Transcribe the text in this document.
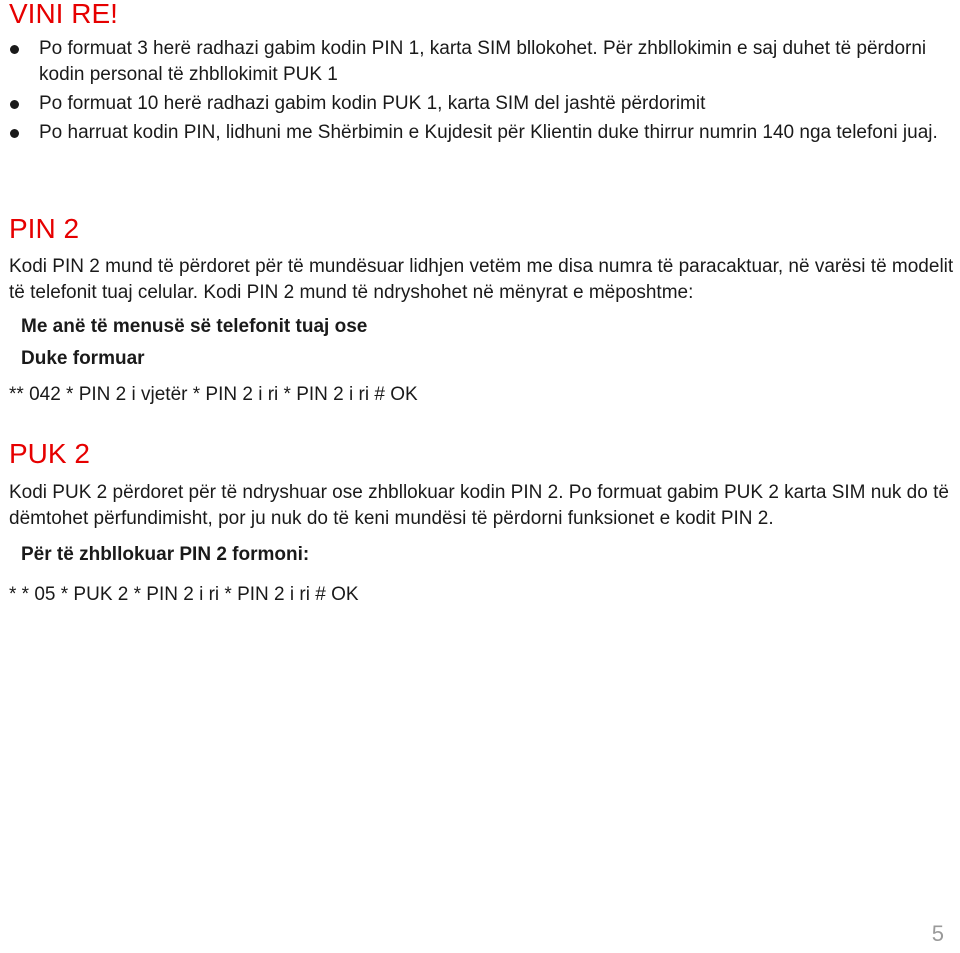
VINI RE!
Po formuat 3 herë radhazi gabim kodin PIN 1, karta SIM bllokohet. Për zhbllokimin e saj duhet të përdorni kodin personal të zhbllokimit PUK 1
Po formuat 10 herë radhazi gabim kodin PUK 1, karta SIM del jashtë përdorimit
Po harruat kodin PIN, lidhuni me Shërbimin e Kujdesit për Klientin duke thirrur numrin 140 nga telefoni juaj.
PIN 2

Kodi PIN 2 mund të përdoret për të mundësuar lidhjen vetëm me disa numra të paracaktuar, në varësi të modelit të telefonit tuaj celular. Kodi PIN 2 mund të ndryshohet në mënyrat e mëposhtme:

Me anë të menusë së telefonit tuaj ose

Duke formuar

** 042 * PIN 2 i vjetër * PIN 2 i ri * PIN 2 i ri # OK

PUK 2

Kodi PUK 2 përdoret për të ndryshuar ose zhbllokuar kodin PIN 2. Po formuat gabim PUK 2 karta SIM nuk do të dëmtohet përfundimisht, por ju nuk do të keni mundësi të përdorni funksionet e kodit PIN 2.

Për të zhbllokuar PIN 2 formoni:

* * 05 * PUK 2 * PIN 2 i ri * PIN 2 i ri # OK

5
